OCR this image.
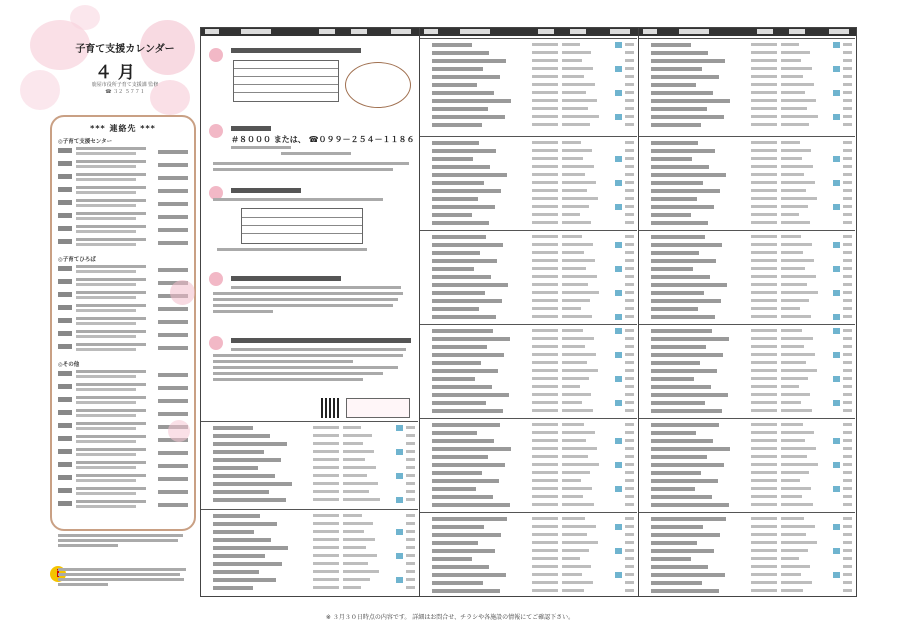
子育て支援カレンダー
４ 月
鹿屋市役所子育て支援課 監修
☎ ３２ ５７７１
*** 連絡先 ***
◎子育て支援センター
◎子育てひろば
◎その他
＃８０００ または、 ☎０９９－２５４－１１８６
※ ３月３０日時点の内容です。 詳細はお問合せ、チラシや各施設の情報にてご確認下さい。
